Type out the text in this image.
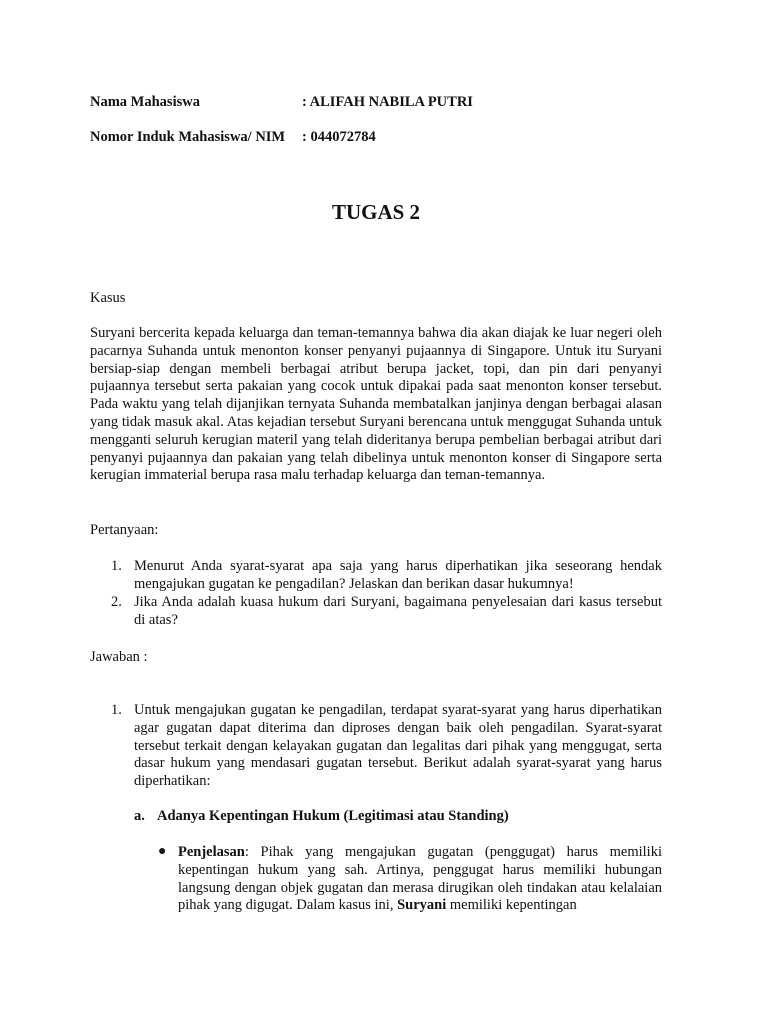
Nama Mahasiswa	: ALIFAH NABILA PUTRI
Nomor Induk Mahasiswa/ NIM : 044072784
TUGAS 2
Kasus
Suryani bercerita kepada keluarga dan teman-temannya bahwa dia akan diajak ke luar negeri oleh pacarnya Suhanda untuk menonton konser penyanyi pujaannya di Singapore. Untuk itu Suryani bersiap-siap dengan membeli berbagai atribut berupa jacket, topi, dan pin dari penyanyi pujaannya tersebut serta pakaian yang cocok untuk dipakai pada saat menonton konser tersebut. Pada waktu yang telah dijanjikan ternyata Suhanda membatalkan janjinya dengan berbagai alasan yang tidak masuk akal. Atas kejadian tersebut Suryani berencana untuk menggugat Suhanda untuk mengganti seluruh kerugian materil yang telah dideritanya berupa pembelian berbagai atribut dari penyanyi pujaannya dan pakaian yang telah dibelinya untuk menonton konser di Singapore serta kerugian immaterial berupa rasa malu terhadap keluarga dan teman-temannya.
Pertanyaan:
1. Menurut Anda syarat-syarat apa saja yang harus diperhatikan jika seseorang hendak mengajukan gugatan ke pengadilan? Jelaskan dan berikan dasar hukumnya!
2. Jika Anda adalah kuasa hukum dari Suryani, bagaimana penyelesaian dari kasus tersebut di atas?
Jawaban :
1. Untuk mengajukan gugatan ke pengadilan, terdapat syarat-syarat yang harus diperhatikan agar gugatan dapat diterima dan diproses dengan baik oleh pengadilan. Syarat-syarat tersebut terkait dengan kelayakan gugatan dan legalitas dari pihak yang menggugat, serta dasar hukum yang mendasari gugatan tersebut. Berikut adalah syarat-syarat yang harus diperhatikan:
a. Adanya Kepentingan Hukum (Legitimasi atau Standing)
● Penjelasan: Pihak yang mengajukan gugatan (penggugat) harus memiliki kepentingan hukum yang sah. Artinya, penggugat harus memiliki hubungan langsung dengan objek gugatan dan merasa dirugikan oleh tindakan atau kelalaian pihak yang digugat. Dalam kasus ini, Suryani memiliki kepentingan
